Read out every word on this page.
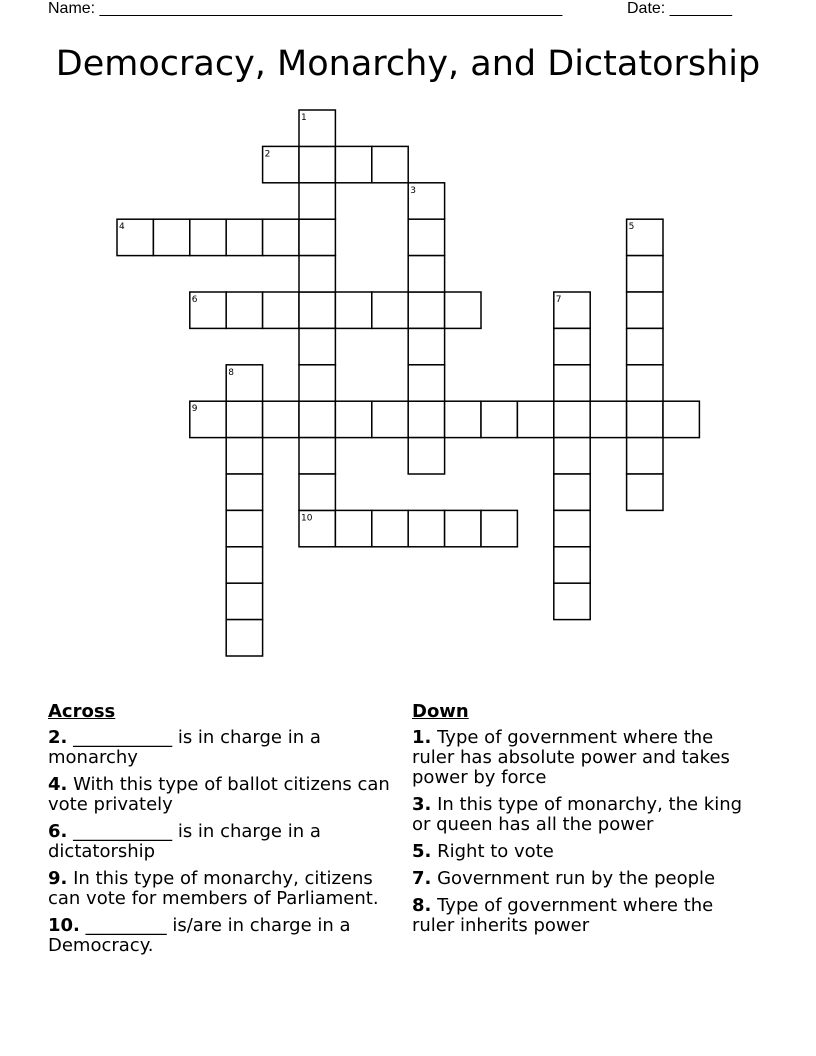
Name: ____________________________________________________	Date: _______
Democracy, Monarchy, and Dictatorship
1
2
3
4	5
6	7
8
9
10
Across
2. ___________ is in charge in a monarchy
4. With this type of ballot citizens can vote privately
6. ___________ is in charge in a dictatorship
9. In this type of monarchy, citizens can vote for members of Parliament.
10. _________ is/are in charge in a Democracy.
Down
1. Type of government where the ruler has absolute power and takes power by force
3. In this type of monarchy, the king or queen has all the power
5. Right to vote
7. Government run by the people
8. Type of government where the ruler inherits power
